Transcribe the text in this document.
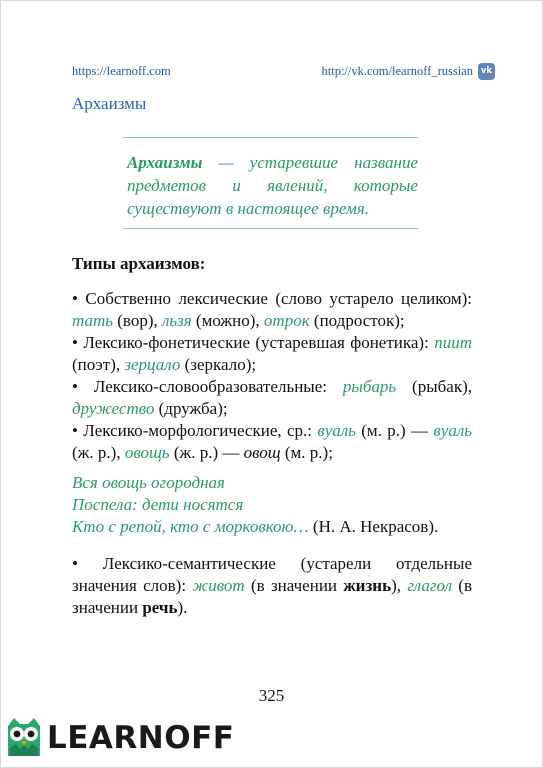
https://learnoff.com	http://vk.com/learnoff_russian vk
Архаизмы

Архаизмы — устаревшие название предметов и явлений, которые существуют в настоящее время.

Типы архаизмов:

• Собственно лексические (слово устарело целиком): тать (вор), льзя (можно), отрок (подросток);

• Лексико-фонетические (устаревшая фонетика): пиит (поэт), зерцало (зеркало);

• Лексико-словообразовательные: рыбарь (рыбак), дружество (дружба);

• Лексико-морфологические, ср.: вуаль (м. р.) — вуаль (ж. р.), овощь (ж. р.) — овощ (м. р.);

Вся овощь огородная
Поспела: дети носятся
Кто с репой, кто с морковкою… (Н. А. Некрасов).

• Лексико-семантические (устарели отдельные значения слов): живот (в значении жизнь), глагол (в значении речь).

325
LEARNOFF
